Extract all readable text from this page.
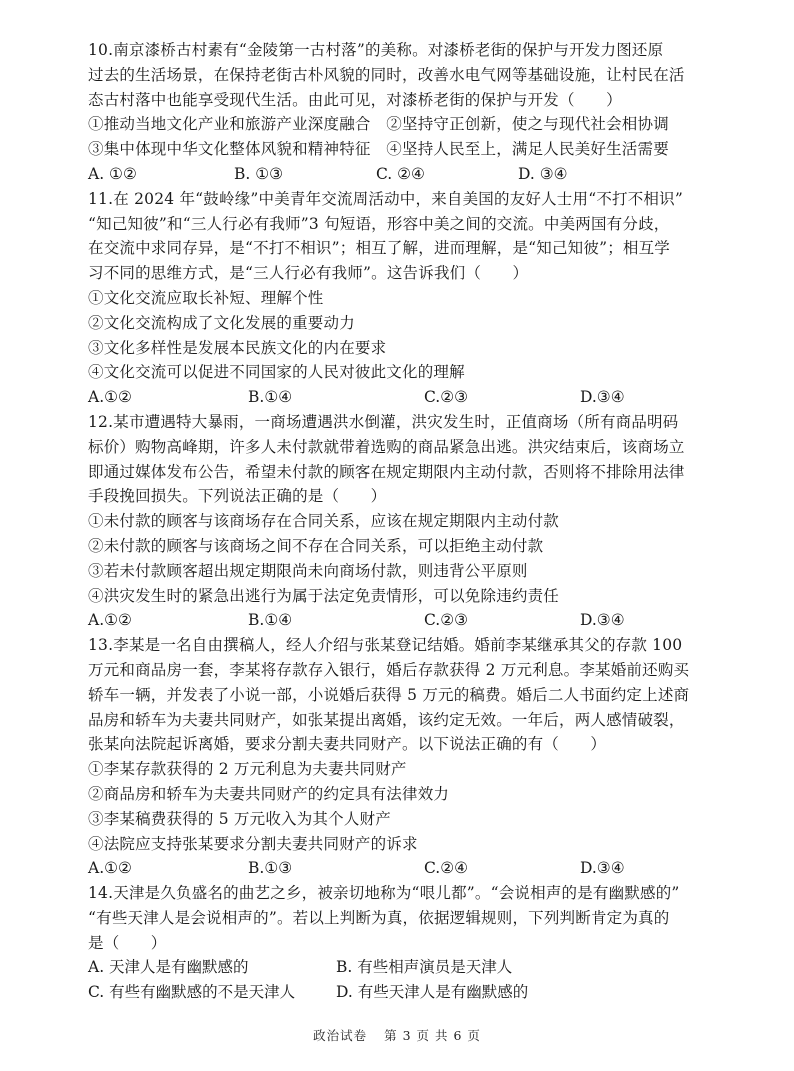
10.南京漆桥古村素有“金陵第一古村落”的美称。对漆桥老街的保护与开发力图还原
过去的生活场景，在保持老街古朴风貌的同时，改善水电气网等基础设施，让村民在活
态古村落中也能享受现代生活。由此可见，对漆桥老街的保护与开发（　　）
①推动当地文化产业和旅游产业深度融合　②坚持守正创新，使之与现代社会相协调
③集中体现中华文化整体风貌和精神特征　④坚持人民至上，满足人民美好生活需要
A. ①②	B. ①③	C. ②④	D. ③④
11.在 2024 年“鼓岭缘”中美青年交流周活动中，来自美国的友好人士用“不打不相识”
“知己知彼”和“三人行必有我师”3 句短语，形容中美之间的交流。中美两国有分歧，
在交流中求同存异，是“不打不相识”；相互了解，进而理解，是“知己知彼”；相互学
习不同的思维方式，是“三人行必有我师”。这告诉我们（　　）
①文化交流应取长补短、理解个性
②文化交流构成了文化发展的重要动力
③文化多样性是发展本民族文化的内在要求
④文化交流可以促进不同国家的人民对彼此文化的理解
A.①②	B.①④	C.②③	D.③④
12.某市遭遇特大暴雨，一商场遭遇洪水倒灌，洪灾发生时，正值商场（所有商品明码
标价）购物高峰期，许多人未付款就带着选购的商品紧急出逃。洪灾结束后，该商场立
即通过媒体发布公告，希望未付款的顾客在规定期限内主动付款，否则将不排除用法律
手段挽回损失。下列说法正确的是（　　）
①未付款的顾客与该商场存在合同关系，应该在规定期限内主动付款
②未付款的顾客与该商场之间不存在合同关系，可以拒绝主动付款
③若未付款顾客超出规定期限尚未向商场付款，则违背公平原则
④洪灾发生时的紧急出逃行为属于法定免责情形，可以免除违约责任
A.①②	B.①④	C.②③	D.③④
13.李某是一名自由撰稿人，经人介绍与张某登记结婚。婚前李某继承其父的存款 100
万元和商品房一套，李某将存款存入银行，婚后存款获得 2 万元利息。李某婚前还购买
轿车一辆，并发表了小说一部，小说婚后获得 5 万元的稿费。婚后二人书面约定上述商
品房和轿车为夫妻共同财产，如张某提出离婚，该约定无效。一年后，两人感情破裂，
张某向法院起诉离婚，要求分割夫妻共同财产。以下说法正确的有（　　）
①李某存款获得的 2 万元利息为夫妻共同财产
②商品房和轿车为夫妻共同财产的约定具有法律效力
③李某稿费获得的 5 万元收入为其个人财产
④法院应支持张某要求分割夫妻共同财产的诉求
A.①②	B.①③	C.②④	D.③④
14.天津是久负盛名的曲艺之乡，被亲切地称为“哏儿都”。“会说相声的是有幽默感的”
“有些天津人是会说相声的”。若以上判断为真，依据逻辑规则，下列判断肯定为真的
是（　　）
A. 天津人是有幽默感的	B. 有些相声演员是天津人
C. 有些有幽默感的不是天津人	D. 有些天津人是有幽默感的
政治试卷 第 3 页 共 6 页
